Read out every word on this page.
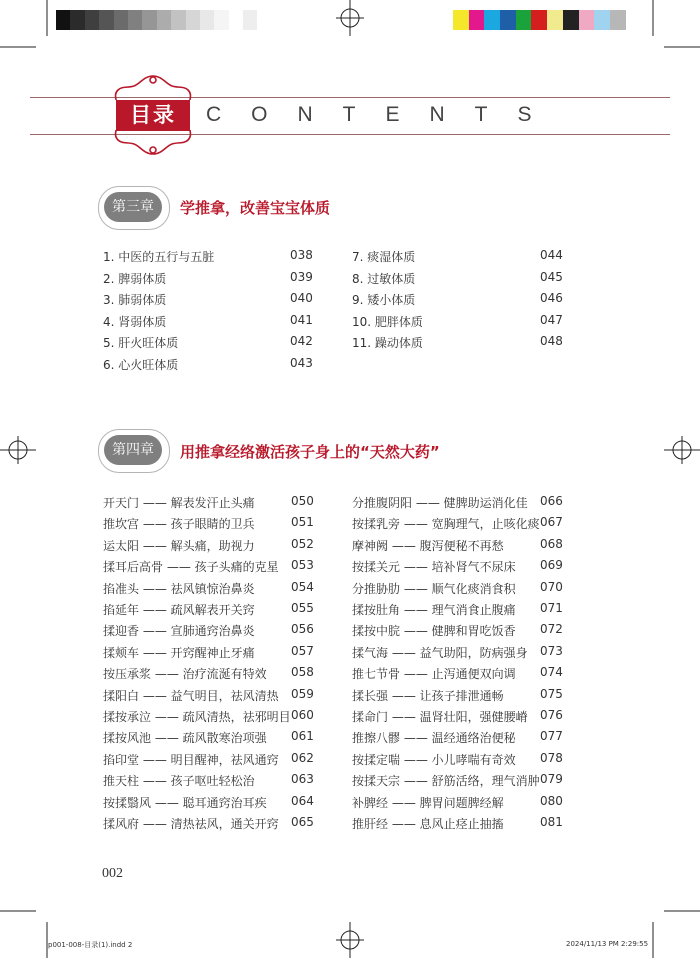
目录	CONTENTS
第三章	学推拿，改善宝宝体质
1. 中医的五行与五脏	038
2. 脾弱体质	039
3. 肺弱体质	040
4. 肾弱体质	041
5. 肝火旺体质	042
6. 心火旺体质	043
7. 痰湿体质	044
8. 过敏体质	045
9. 矮小体质	046
10. 肥胖体质	047
11. 躁动体质	048
第四章	用推拿经络激活孩子身上的“天然大药”
开天门 —— 解表发汗止头痛	050
推坎宫 —— 孩子眼睛的卫兵	051
运太阳 —— 解头痛，助视力	052
揉耳后高骨 —— 孩子头痛的克星 053
掐准头 —— 祛风镇惊治鼻炎	054
掐延年 —— 疏风解表开关窍	055
揉迎香 —— 宣肺通窍治鼻炎	056
揉颊车 —— 开窍醒神止牙痛	057
按压承浆 —— 治疗流涎有特效 058
揉阳白 —— 益气明目，祛风清热 059
揉按承泣 —— 疏风清热，祛邪明目 060
揉按风池 —— 疏风散寒治项强 061
掐印堂 —— 明目醒神，祛风通窍 062
推天柱 —— 孩子呕吐轻松治	063
按揉翳风 —— 聪耳通窍治耳疾 064
揉风府 —— 清热祛风，通关开窍 065
分推腹阴阳 —— 健脾助运消化佳 066
按揉乳旁 —— 宽胸理气，止咳化痰 067
摩神阙 —— 腹泻便秘不再愁	068
按揉关元 —— 培补肾气不尿床 069
分推胁肋 —— 顺气化痰消食积 070
揉按肚角 —— 理气消食止腹痛 071
揉按中脘 —— 健脾和胃吃饭香 072
揉气海 —— 益气助阳，防病强身 073
推七节骨 —— 止泻通便双向调 074
揉长强 —— 让孩子排泄通畅	075
揉命门 —— 温肾壮阳，强健腰嵴 076
推擦八髎 —— 温经通络治便秘 077
按揉定喘 —— 小儿哮喘有奇效 078
按揉天宗 —— 舒筋活络，理气消肿 079
补脾经 —— 脾胃问题脾经解	080
推肝经 —— 息风止痉止抽搐	081
002
p001-008-目录(1).indd 2	2024/11/13 PM 2:29:55
